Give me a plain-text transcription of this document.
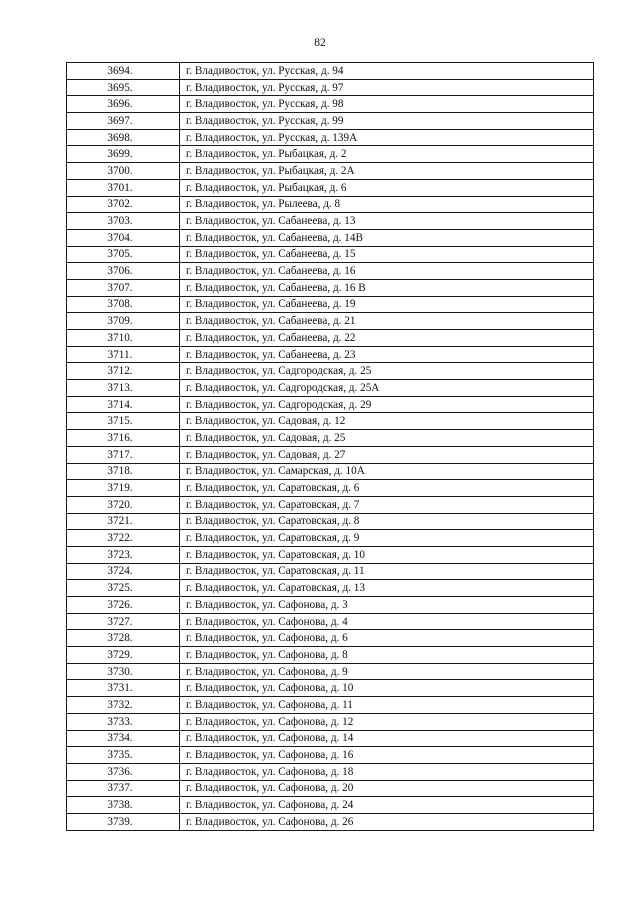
82
3694.	г. Владивосток, ул. Русская, д. 94
3695.	г. Владивосток, ул. Русская, д. 97
3696.	г. Владивосток, ул. Русская, д. 98
3697.	г. Владивосток, ул. Русская, д. 99
3698.	г. Владивосток, ул. Русская, д. 139А
3699.	г. Владивосток, ул. Рыбацкая, д. 2
3700.	г. Владивосток, ул. Рыбацкая, д. 2А
3701.	г. Владивосток, ул. Рыбацкая, д. 6
3702.	г. Владивосток, ул. Рылеева, д. 8
3703.	г. Владивосток, ул. Сабанеева, д. 13
3704.	г. Владивосток, ул. Сабанеева, д. 14В
3705.	г. Владивосток, ул. Сабанеева, д. 15
3706.	г. Владивосток, ул. Сабанеева, д. 16
3707.	г. Владивосток, ул. Сабанеева, д. 16 В
3708.	г. Владивосток, ул. Сабанеева, д. 19
3709.	г. Владивосток, ул. Сабанеева, д. 21
3710.	г. Владивосток, ул. Сабанеева, д. 22
3711.	г. Владивосток, ул. Сабанеева, д. 23
3712.	г. Владивосток, ул. Садгородская, д. 25
3713.	г. Владивосток, ул. Садгородская, д. 25А
3714.	г. Владивосток, ул. Садгородская, д. 29
3715.	г. Владивосток, ул. Садовая, д. 12
3716.	г. Владивосток, ул. Садовая, д. 25
3717.	г. Владивосток, ул. Садовая, д. 27
3718.	г. Владивосток, ул. Самарская, д. 10А
3719.	г. Владивосток, ул. Саратовская, д. 6
3720.	г. Владивосток, ул. Саратовская, д. 7
3721.	г. Владивосток, ул. Саратовская, д. 8
3722.	г. Владивосток, ул. Саратовская, д. 9
3723.	г. Владивосток, ул. Саратовская, д. 10
3724.	г. Владивосток, ул. Саратовская, д. 11
3725.	г. Владивосток, ул. Саратовская, д. 13
3726.	г. Владивосток, ул. Сафонова, д. 3
3727.	г. Владивосток, ул. Сафонова, д. 4
3728.	г. Владивосток, ул. Сафонова, д. 6
3729.	г. Владивосток, ул. Сафонова, д. 8
3730.	г. Владивосток, ул. Сафонова, д. 9
3731.	г. Владивосток, ул. Сафонова, д. 10
3732.	г. Владивосток, ул. Сафонова, д. 11
3733.	г. Владивосток, ул. Сафонова, д. 12
3734.	г. Владивосток, ул. Сафонова, д. 14
3735.	г. Владивосток, ул. Сафонова, д. 16
3736.	г. Владивосток, ул. Сафонова, д. 18
3737.	г. Владивосток, ул. Сафонова, д. 20
3738.	г. Владивосток, ул. Сафонова, д. 24
3739.	г. Владивосток, ул. Сафонова, д. 26
